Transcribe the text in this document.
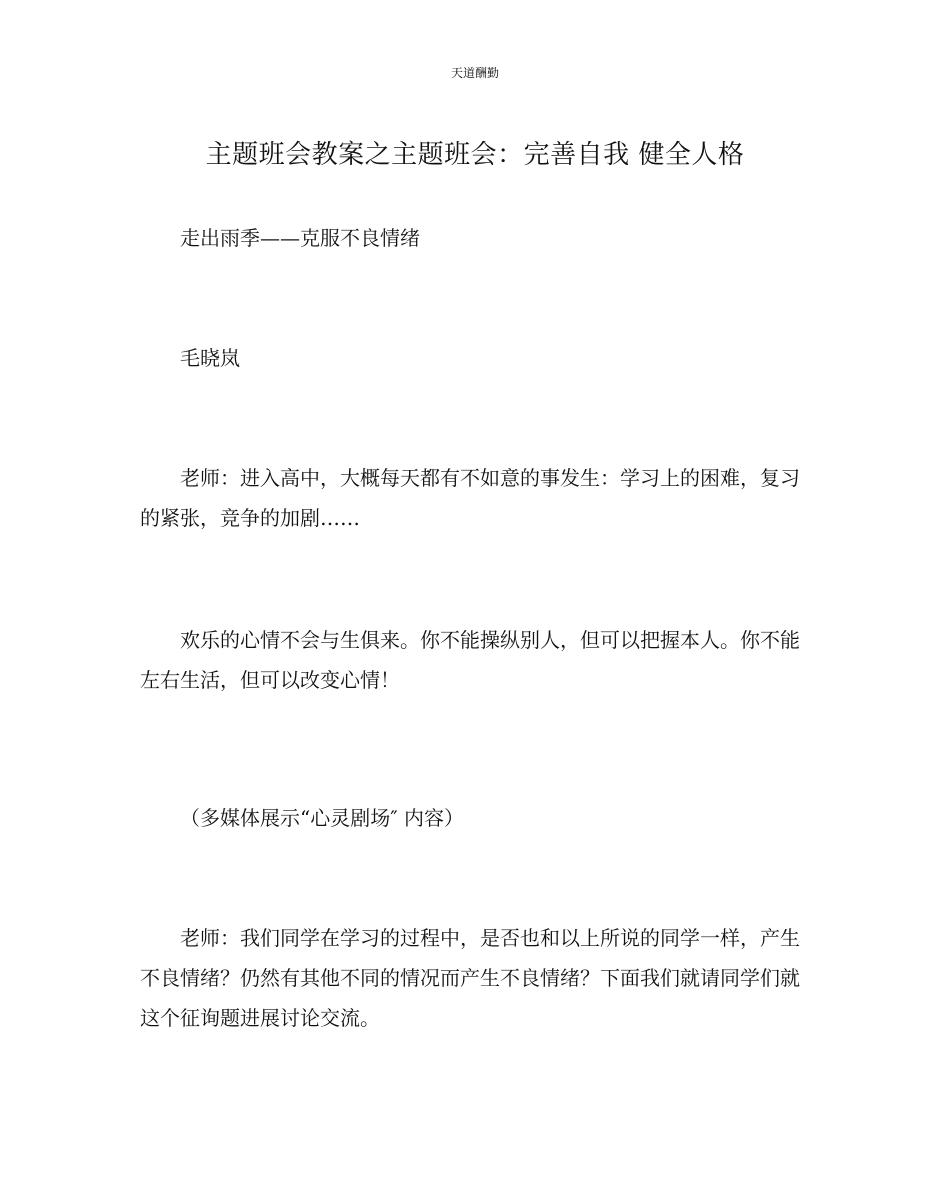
天道酬勤
主题班会教案之主题班会：完善自我 健全人格

走出雨季——克服不良情绪

毛晓岚

老师：进入高中，大概每天都有不如意的事发生：学习上的困难，复习的紧张，竞争的加剧……

欢乐的心情不会与生俱来。你不能操纵别人，但可以把握本人。你不能左右生活，但可以改变心情！

（多媒体展示“心灵剧场″ 内容）

老师：我们同学在学习的过程中，是否也和以上所说的同学一样，产生不良情绪？仍然有其他不同的情况而产生不良情绪？下面我们就请同学们就这个征询题进展讨论交流。
